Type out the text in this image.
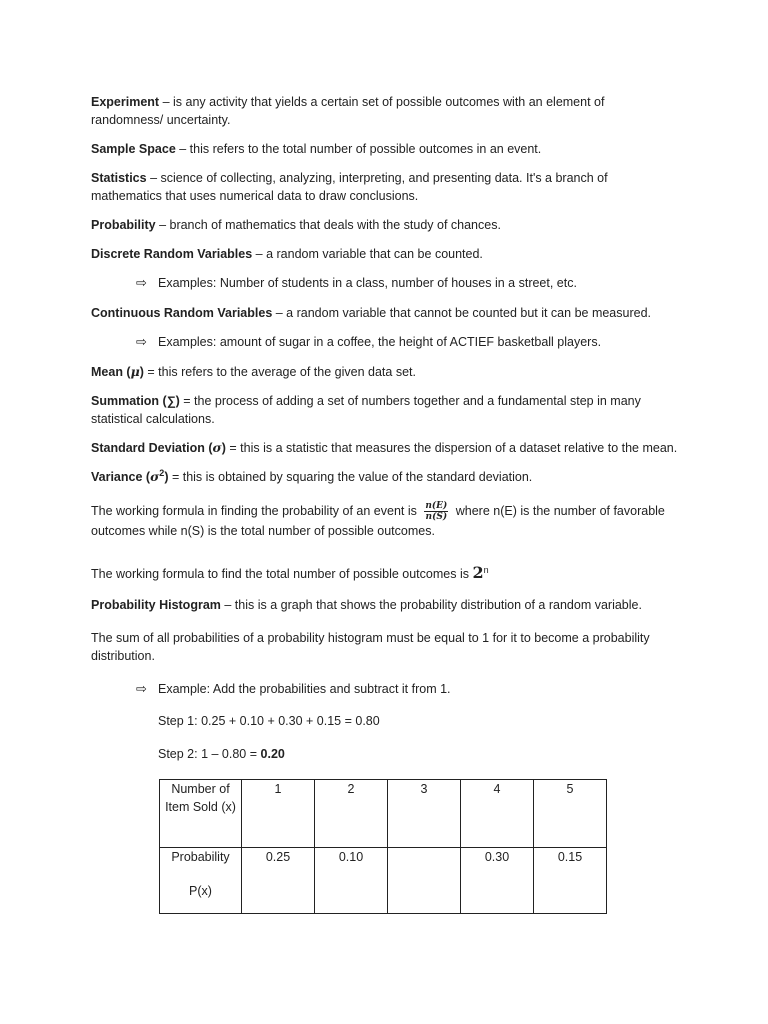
Experiment – is any activity that yields a certain set of possible outcomes with an element of randomness/ uncertainty.

Sample Space – this refers to the total number of possible outcomes in an event.

Statistics – science of collecting, analyzing, interpreting, and presenting data. It's a branch of mathematics that uses numerical data to draw conclusions.

Probability – branch of mathematics that deals with the study of chances.

Discrete Random Variables – a random variable that can be counted.

⇨ Examples: Number of students in a class, number of houses in a street, etc.

Continuous Random Variables – a random variable that cannot be counted but it can be measured.

⇨ Examples: amount of sugar in a coffee, the height of ACTIEF basketball players.

Mean (μ) = this refers to the average of the given data set.

Summation (∑) = the process of adding a set of numbers together and a fundamental step in many statistical calculations.

Standard Deviation (σ) = this is a statistic that measures the dispersion of a dataset relative to the mean.

Variance $(\sigma^2)$ = this is obtained by squaring the value of the standard deviation.

The working formula in finding the probability of an event is $\frac{n(E)}{n(S)}$ where n(E) is the number of favorable outcomes while n(S) is the total number of possible outcomes.

The working formula to find the total number of possible outcomes is 2$^n$

Probability Histogram – this is a graph that shows the probability distribution of a random variable.

The sum of all probabilities of a probability histogram must be equal to 1 for it to become a probability distribution.

⇨ Example: Add the probabilities and subtract it from 1.

Step 1: 0.25 + 0.10 + 0.30 + 0.15 = 0.80

Step 2: 1 – 0.80 = 0.20

Number of Item Sold (x)	1	2	3	4	5

Probability
P(x)	0.25	0.10		0.30	0.15
